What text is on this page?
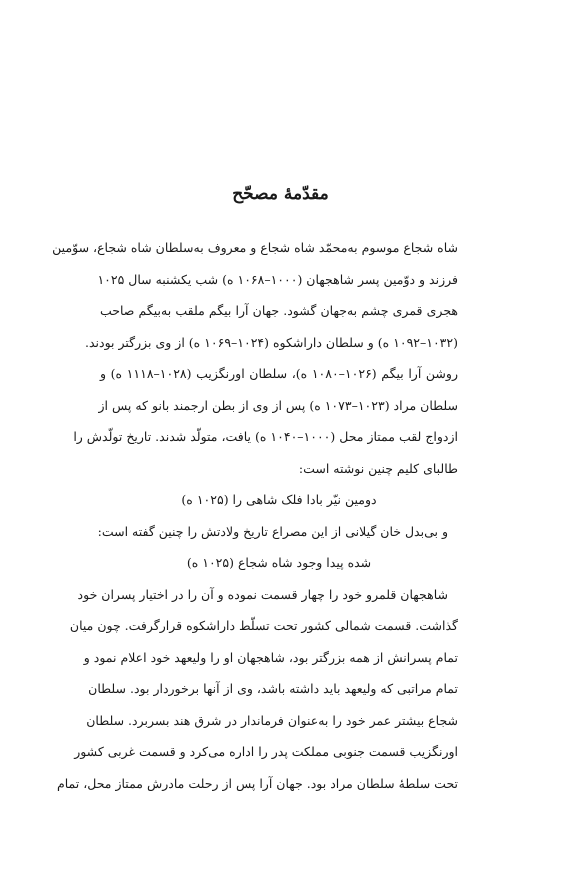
مقدّمهٔ مصحّح
شاه شجاع موسوم به‌محمّد شاه شجاع و معروف به‌سلطان شاه شجاع، سوّمین
فرزند و دوّمین پسر شاهجهان (۱۰۰۰–۱۰۶۸ ه) شب یکشنبه سال ۱۰۲۵
هجری قمری چشم به‌جهان گشود. جهان آرا بیگم ملقب به‌بیگم صاحب
(۱۰۳۲–۱۰۹۲ ه) و سلطان داراشکوه (۱۰۲۴–۱۰۶۹ ه) از وی بزرگتر بودند.
روشن آرا بیگم (۱۰۲۶–۱۰۸۰ ه)، سلطان اورنگزیب (۱۰۲۸–۱۱۱۸ ه) و
سلطان مراد (۱۰۲۳–۱۰۷۳ ه) پس از وی از بطن ارجمند بانو که پس از
ازدواج لقب ممتاز محل (۱۰۰۰–۱۰۴۰ ه) یافت، متولّد شدند. تاریخ تولّدش را
طالبای کلیم چنین نوشته است:
دومین نیّر بادا فلک شاهی را (۱۰۲۵ ه)
و بی‌بدل خان گیلانی از این مصراع تاریخ ولادتش را چنین گفته است:
شده پیدا وجود شاه شجاع (۱۰۲۵ ه)
شاهجهان قلمرو خود را چهار قسمت نموده و آن را در اختیار پسران خود
گذاشت. قسمت شمالی کشور تحت تسلّط داراشکوه قرارگرفت. چون میان
تمام پسرانش از همه بزرگتر بود، شاهجهان او را ولیعهد خود اعلام نمود و
تمام مراتبی که ولیعهد باید داشته باشد، وی از آنها برخوردار بود. سلطان
شجاع بیشتر عمر خود را به‌عنوان فرماندار در شرق هند بسربرد. سلطان
اورنگزیب قسمت جنوبی مملکت پدر را اداره می‌کرد و قسمت غربی کشور
تحت سلطهٔ سلطان مراد بود. جهان آرا پس از رحلت مادرش ممتاز محل، تمام
